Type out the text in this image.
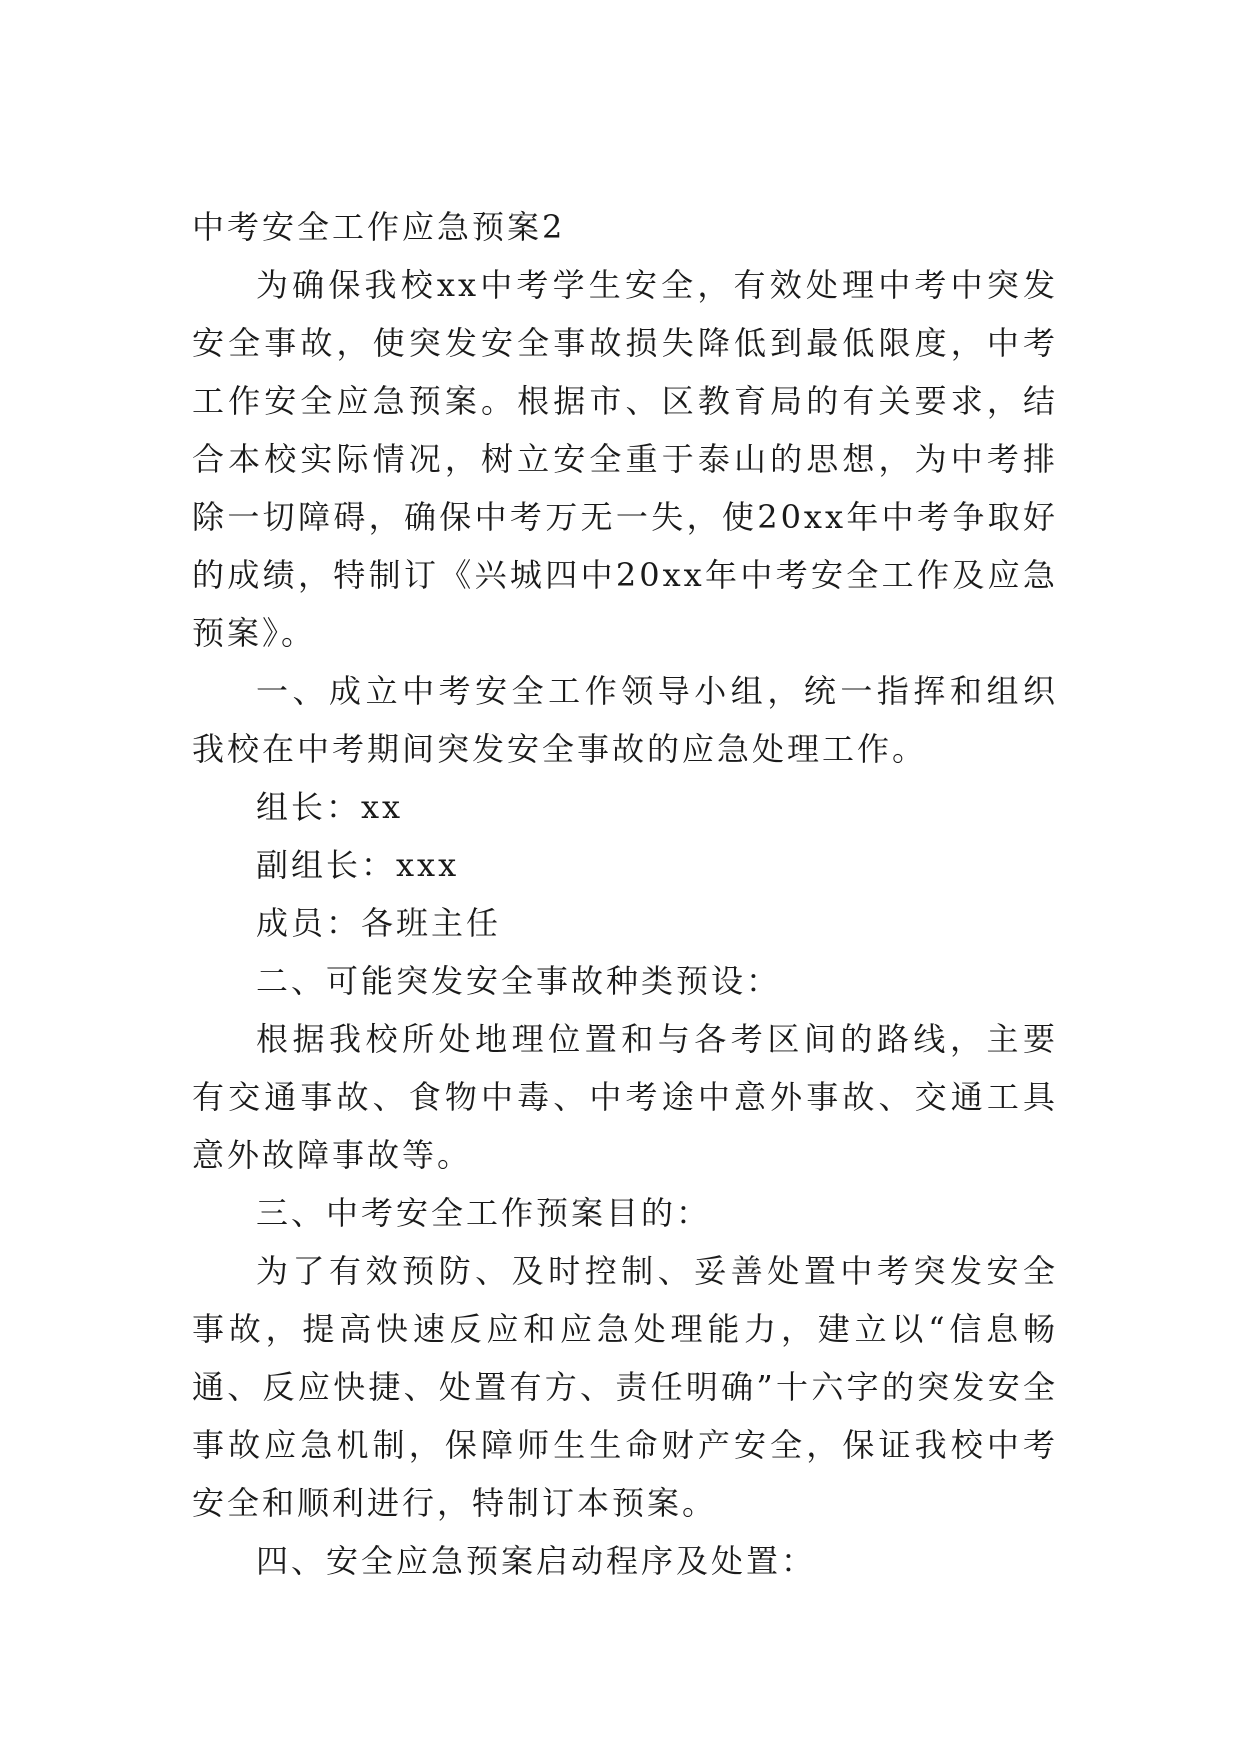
中考安全工作应急预案2

为确保我校xx中考学生安全，有效处理中考中突发安全事故，使突发安全事故损失降低到最低限度，中考工作安全应急预案。根据市、区教育局的有关要求，结合本校实际情况，树立安全重于泰山的思想，为中考排除一切障碍，确保中考万无一失，使20xx年中考争取好的成绩，特制订《兴城四中20xx年中考安全工作及应急预案》。

一、成立中考安全工作领导小组，统一指挥和组织我校在中考期间突发安全事故的应急处理工作。

组长：xx

副组长：xxx

成员：各班主任

二、可能突发安全事故种类预设：

根据我校所处地理位置和与各考区间的路线，主要有交通事故、食物中毒、中考途中意外事故、交通工具意外故障事故等。

三、中考安全工作预案目的：

为了有效预防、及时控制、妥善处置中考突发安全事故，提高快速反应和应急处理能力，建立以“信息畅通、反应快捷、处置有方、责任明确”十六字的突发安全事故应急机制，保障师生生命财产安全，保证我校中考安全和顺利进行，特制订本预案。

四、安全应急预案启动程序及处置：
